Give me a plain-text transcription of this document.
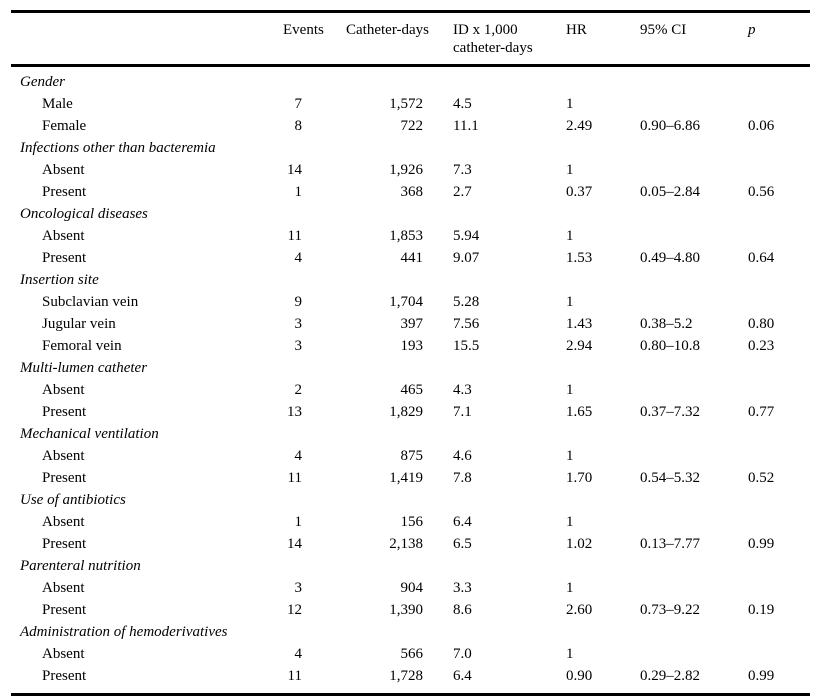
	Events	Catheter-days	ID x 1,000
catheter-days	HR	95% CI	p
Gender						
Male	7	1,572	4.5	1		
Female	8	722	11.1	2.49	0.90–6.86	0.06
Infections other than bacteremia						
Absent	14	1,926	7.3	1		
Present	1	368	2.7	0.37	0.05–2.84	0.56
Oncological diseases						
Absent	11	1,853	5.94	1		
Present	4	441	9.07	1.53	0.49–4.80	0.64
Insertion site						
Subclavian vein	9	1,704	5.28	1		
Jugular vein	3	397	7.56	1.43	0.38–5.2	0.80
Femoral vein	3	193	15.5	2.94	0.80–10.8	0.23
Multi-lumen catheter						
Absent	2	465	4.3	1		
Present	13	1,829	7.1	1.65	0.37–7.32	0.77
Mechanical ventilation						
Absent	4	875	4.6	1		
Present	11	1,419	7.8	1.70	0.54–5.32	0.52
Use of antibiotics						
Absent	1	156	6.4	1		
Present	14	2,138	6.5	1.02	0.13–7.77	0.99
Parenteral nutrition						
Absent	3	904	3.3	1		
Present	12	1,390	8.6	2.60	0.73–9.22	0.19
Administration of hemoderivatives						
Absent	4	566	7.0	1		
Present	11	1,728	6.4	0.90	0.29–2.82	0.99
